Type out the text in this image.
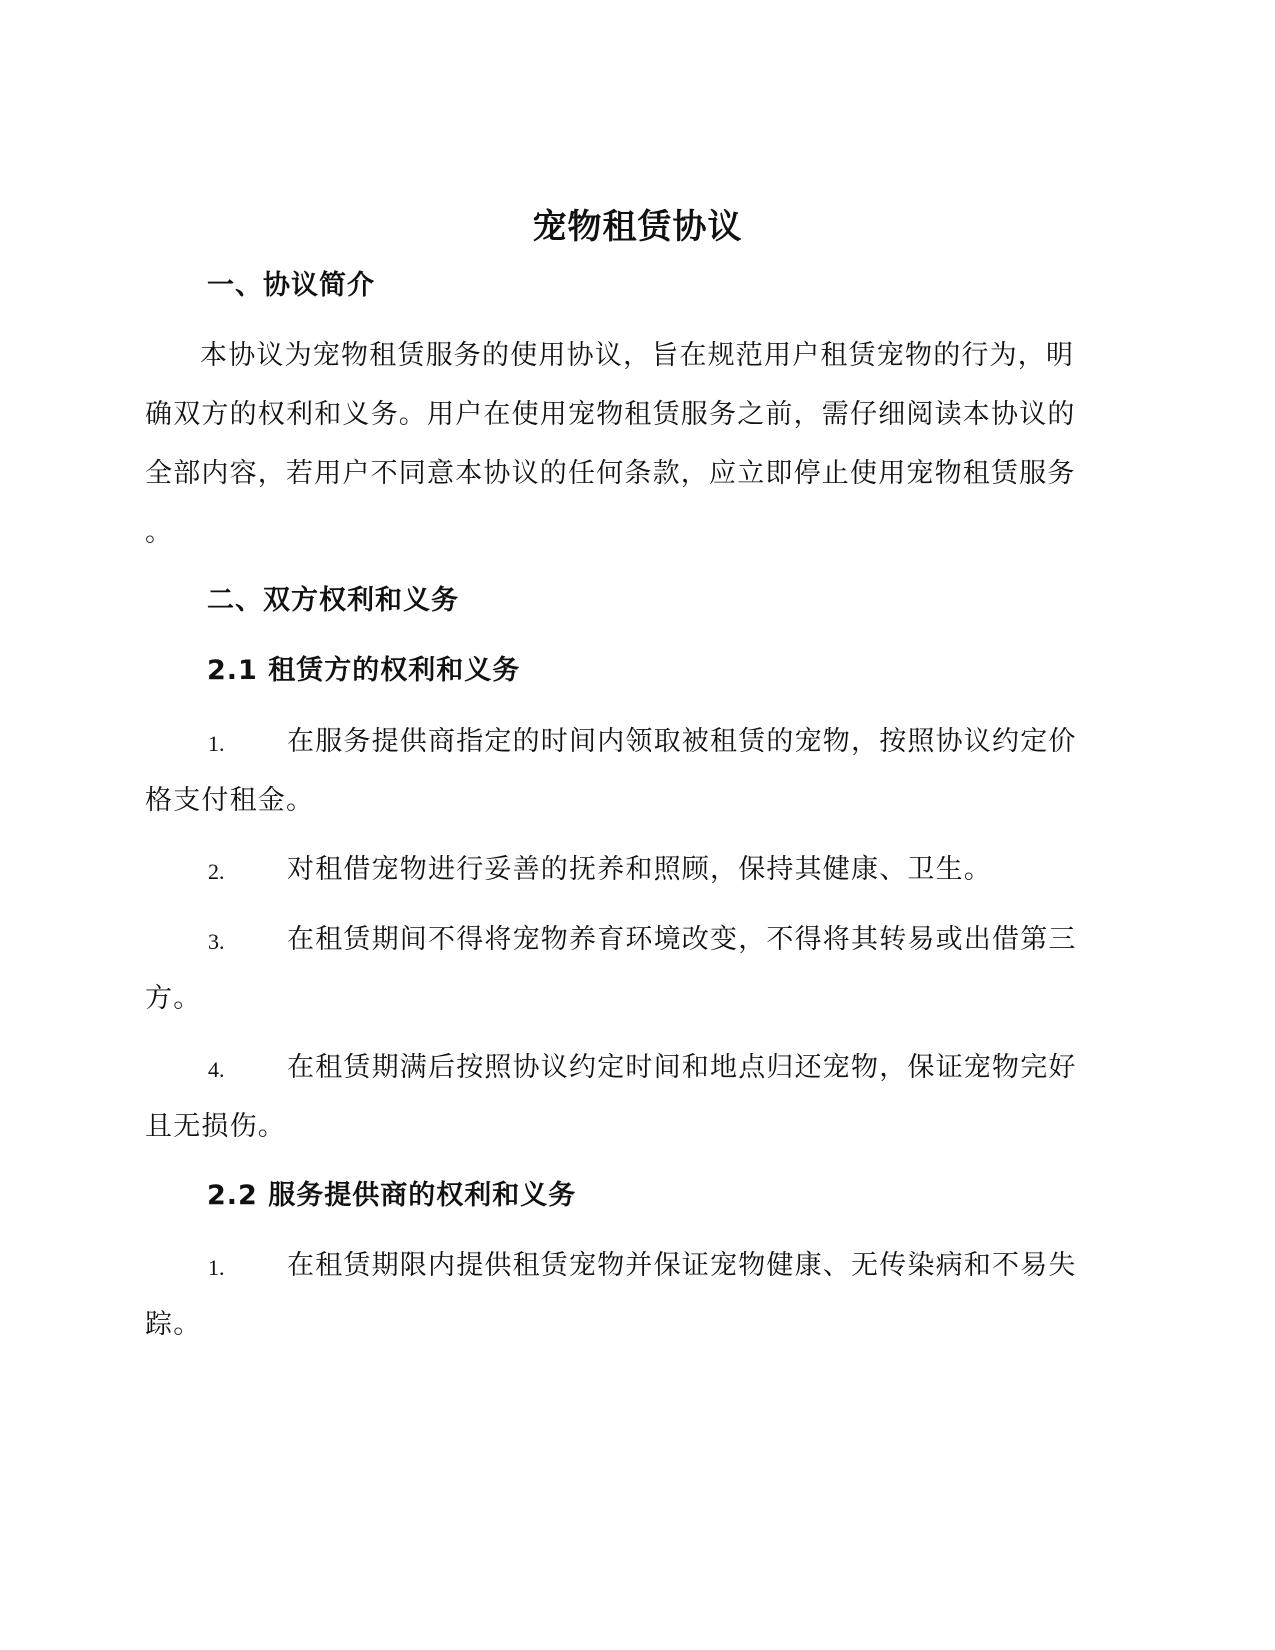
宠物租赁协议
一、协议简介
本协议为宠物租赁服务的使用协议，旨在规范用户租赁宠物的行为，明
确双方的权利和义务。用户在使用宠物租赁服务之前，需仔细阅读本协议的
全部内容，若用户不同意本协议的任何条款，应立即停止使用宠物租赁服务
。
二、双方权利和义务
2.1 租赁方的权利和义务
1. 在服务提供商指定的时间内领取被租赁的宠物，按照协议约定价
格支付租金。
2. 对租借宠物进行妥善的抚养和照顾，保持其健康、卫生。
3. 在租赁期间不得将宠物养育环境改变，不得将其转易或出借第三
方。
4. 在租赁期满后按照协议约定时间和地点归还宠物，保证宠物完好
且无损伤。
2.2 服务提供商的权利和义务
1. 在租赁期限内提供租赁宠物并保证宠物健康、无传染病和不易失
踪。
